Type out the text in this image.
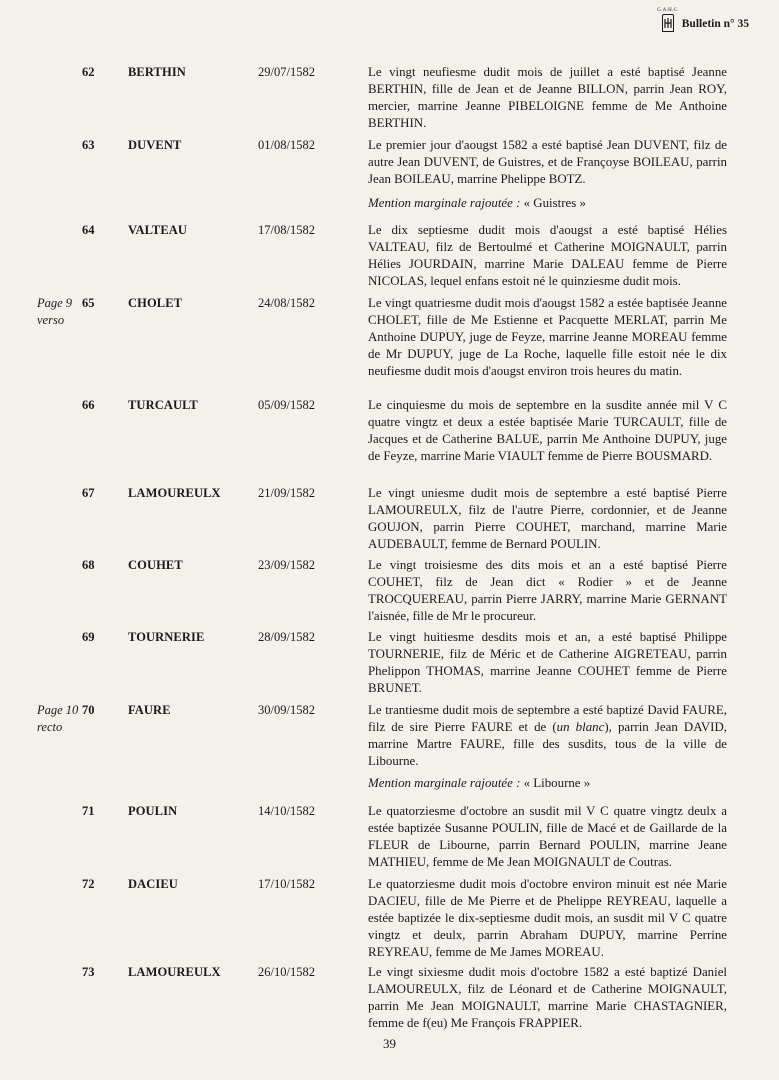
G.A.H.C.
Bulletin n° 35
62	BERTHIN	29/07/1582	Le vingt neufiesme dudit mois de juillet a esté baptisé Jeanne BERTHIN, fille de Jean et de Jeanne BILLON, parrin Jean ROY, mercier, marrine Jeanne PIBELOIGNE femme de Me Anthoine BERTHIN.

63	DUVENT	01/08/1582	Le premier jour d'aougst 1582 a esté baptisé Jean DUVENT, filz de autre Jean DUVENT, de Guistres, et de Françoyse BOILEAU, parrin Jean BOILEAU, marrine Phelippe BOTZ.

Mention marginale rajoutée : « Guistres »

64	VALTEAU	17/08/1582	Le dix septiesme dudit mois d'aougst a esté baptisé Hélies VALTEAU, filz de Bertoulmé et Catherine MOIGNAULT, parrin Hélies JOURDAIN, marrine Marie DALEAU femme de Pierre NICOLAS, lequel enfans estoit né le quinziesme dudit mois.

Page 9 verso
65	CHOLET	24/08/1582	Le vingt quatriesme dudit mois d'aougst 1582 a estée baptisée Jeanne CHOLET, fille de Me Estienne et Pacquette MERLAT, parrin Me Anthoine DUPUY, juge de Feyze, marrine Jeanne MOREAU femme de Mr DUPUY, juge de La Roche, laquelle fille estoit née le dix neufiesme dudit mois d'aougst environ trois heures du matin.

66	TURCAULT	05/09/1582	Le cinquiesme du mois de septembre en la susdite année mil V C quatre vingtz et deux a estée baptisée Marie TURCAULT, fille de Jacques et de Catherine BALUE, parrin Me Anthoine DUPUY, juge de Feyze, marrine Marie VIAULT femme de Pierre BOUSMARD.

67	LAMOUREULX	21/09/1582	Le vingt uniesme dudit mois de septembre a esté baptisé Pierre LAMOUREULX, filz de l'autre Pierre, cordonnier, et de Jeanne GOUJON, parrin Pierre COUHET, marchand, marrine Marie AUDEBAULT, femme de Bernard POULIN.

68	COUHET	23/09/1582	Le vingt troisiesme des dits mois et an a esté baptisé Pierre COUHET, filz de Jean dict « Rodier » et de Jeanne TROCQUEREAU, parrin Pierre JARRY, marrine Marie GERNANT l'aisnée, fille de Mr le procureur.

69	TOURNERIE	28/09/1582	Le vingt huitiesme desdits mois et an, a esté baptisé Philippe TOURNERIE, filz de Méric et de Catherine AIGRETEAU, parrin Phelippon THOMAS, marrine Jeanne COUHET femme de Pierre BRUNET.

Page 10 recto
70	FAURE	30/09/1582	Le trantiesme dudit mois de septembre a esté baptizé David FAURE, filz de sire Pierre FAURE et de (un blanc), parrin Jean DAVID, marrine Martre FAURE, fille des susdits, tous de la ville de Libourne.

Mention marginale rajoutée : « Libourne »

71	POULIN	14/10/1582	Le quatorziesme d'octobre an susdit mil V C quatre vingtz deulx a estée baptizée Susanne POULIN, fille de Macé et de Gaillarde de la FLEUR de Libourne, parrin Bernard POULIN, marrine Jeane MATHIEU, femme de Me Jean MOIGNAULT de Coutras.

72	DACIEU	17/10/1582	Le quatorziesme dudit mois d'octobre environ minuit est née Marie DACIEU, fille de Me Pierre et de Phelippe REYREAU, laquelle a estée baptizée le dix-septiesme dudit mois, an susdit mil V C quatre vingtz et deulx, parrin Abraham DUPUY, marrine Perrine REYREAU, femme de Me James MOREAU.

73	LAMOUREULX	26/10/1582	Le vingt sixiesme dudit mois d'octobre 1582 a esté baptizé Daniel LAMOUREULX, filz de Léonard et de Catherine MOIGNAULT, parrin Me Jean MOIGNAULT, marrine Marie CHASTAGNIER, femme de f(eu) Me François FRAPPIER.

39
